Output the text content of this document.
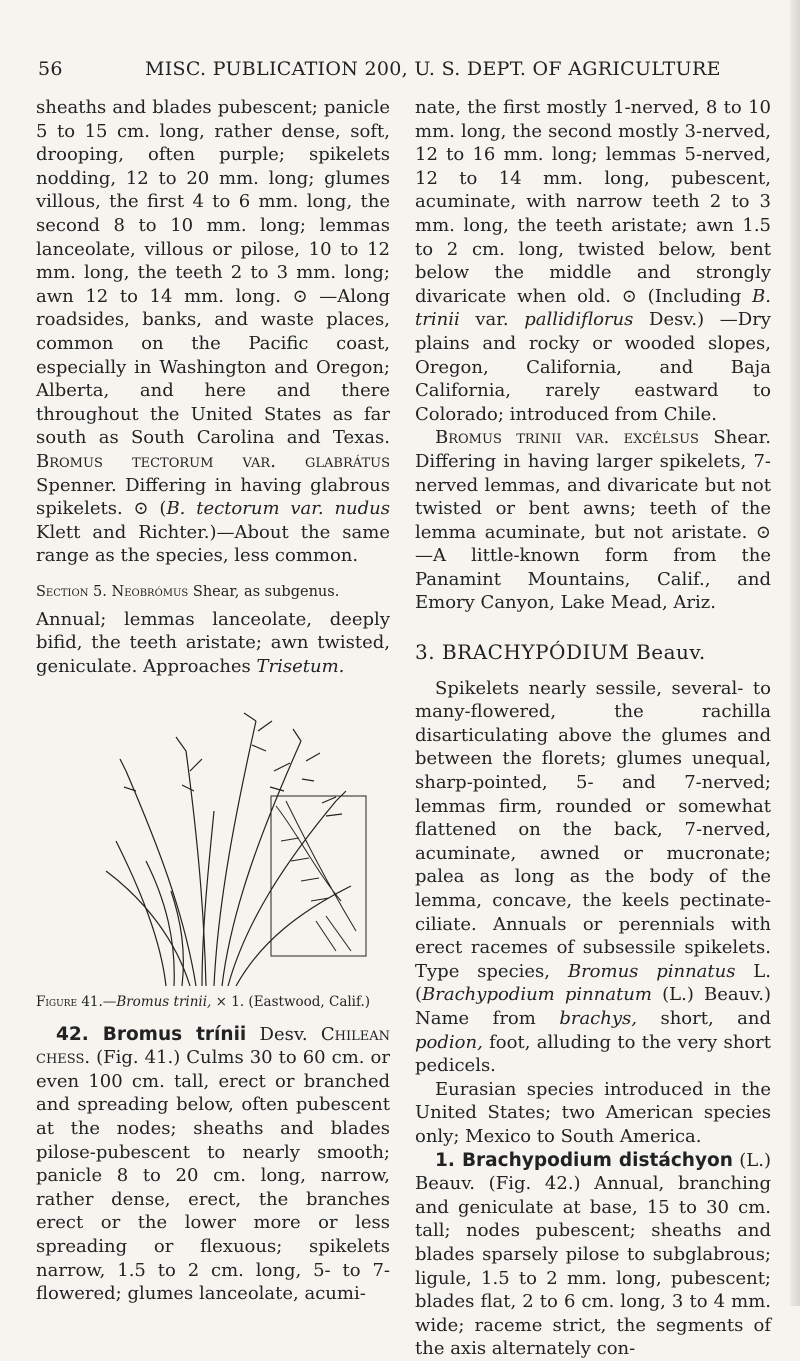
56	MISC. PUBLICATION 200, U. S. DEPT. OF AGRICULTURE

sheaths and blades pubescent; panicle 5 to 15 cm. long, rather dense, soft, drooping, often purple; spikelets nodding, 12 to 20 mm. long; glumes villous, the first 4 to 6 mm. long, the second 8 to 10 mm. long; lemmas lanceolate, villous or pilose, 10 to 12 mm. long, the teeth 2 to 3 mm. long; awn 12 to 14 mm. long. ⊙ —Along roadsides, banks, and waste places, common on the Pacific coast, especially in Washington and Oregon; Alberta, and here and there throughout the United States as far south as South Carolina and Texas. Bromus tectorum var. glabrátus Spenner. Differing in having glabrous spikelets. ⊙ (B. tectorum var. nudus Klett and Richter.)—About the same range as the species, less common.

Section 5. Neobrómus Shear, as subgenus.

Annual; lemmas lanceolate, deeply bifid, the teeth aristate; awn twisted, geniculate. Approaches Trisetum.

Figure 41.—Bromus trinii, × 1. (Eastwood, Calif.)

42. Bromus trínii Desv. Chilean chess. (Fig. 41.) Culms 30 to 60 cm. or even 100 cm. tall, erect or branched and spreading below, often pubescent at the nodes; sheaths and blades pilose-pubescent to nearly smooth; panicle 8 to 20 cm. long, narrow, rather dense, erect, the branches erect or the lower more or less spreading or flexuous; spikelets narrow, 1.5 to 2 cm. long, 5- to 7-flowered; glumes lanceolate, acumi-

nate, the first mostly 1-nerved, 8 to 10 mm. long, the second mostly 3-nerved, 12 to 16 mm. long; lemmas 5-nerved, 12 to 14 mm. long, pubescent, acuminate, with narrow teeth 2 to 3 mm. long, the teeth aristate; awn 1.5 to 2 cm. long, twisted below, bent below the middle and strongly divaricate when old. ⊙ (Including B. trinii var. pallidiflorus Desv.) —Dry plains and rocky or wooded slopes, Oregon, California, and Baja California, rarely eastward to Colorado; introduced from Chile.

Bromus trinii var. excélsus Shear. Differing in having larger spikelets, 7-nerved lemmas, and divaricate but not twisted or bent awns; teeth of the lemma acuminate, but not aristate. ⊙ —A little-known form from the Panamint Mountains, Calif., and Emory Canyon, Lake Mead, Ariz.

3. BRACHYPÓDIUM Beauv.

Spikelets nearly sessile, several- to many-flowered, the rachilla disarticulating above the glumes and between the florets; glumes unequal, sharp-pointed, 5- and 7-nerved; lemmas firm, rounded or somewhat flattened on the back, 7-nerved, acuminate, awned or mucronate; palea as long as the body of the lemma, concave, the keels pectinate-ciliate. Annuals or perennials with erect racemes of subsessile spikelets. Type species, Bromus pinnatus L. (Brachypodium pinnatum (L.) Beauv.) Name from brachys, short, and podion, foot, alluding to the very short pedicels.

Eurasian species introduced in the United States; two American species only; Mexico to South America.

1. Brachypodium distáchyon (L.) Beauv. (Fig. 42.) Annual, branching and geniculate at base, 15 to 30 cm. tall; nodes pubescent; sheaths and blades sparsely pilose to subglabrous; ligule, 1.5 to 2 mm. long, pubescent; blades flat, 2 to 6 cm. long, 3 to 4 mm. wide; raceme strict, the segments of the axis alternately con-
